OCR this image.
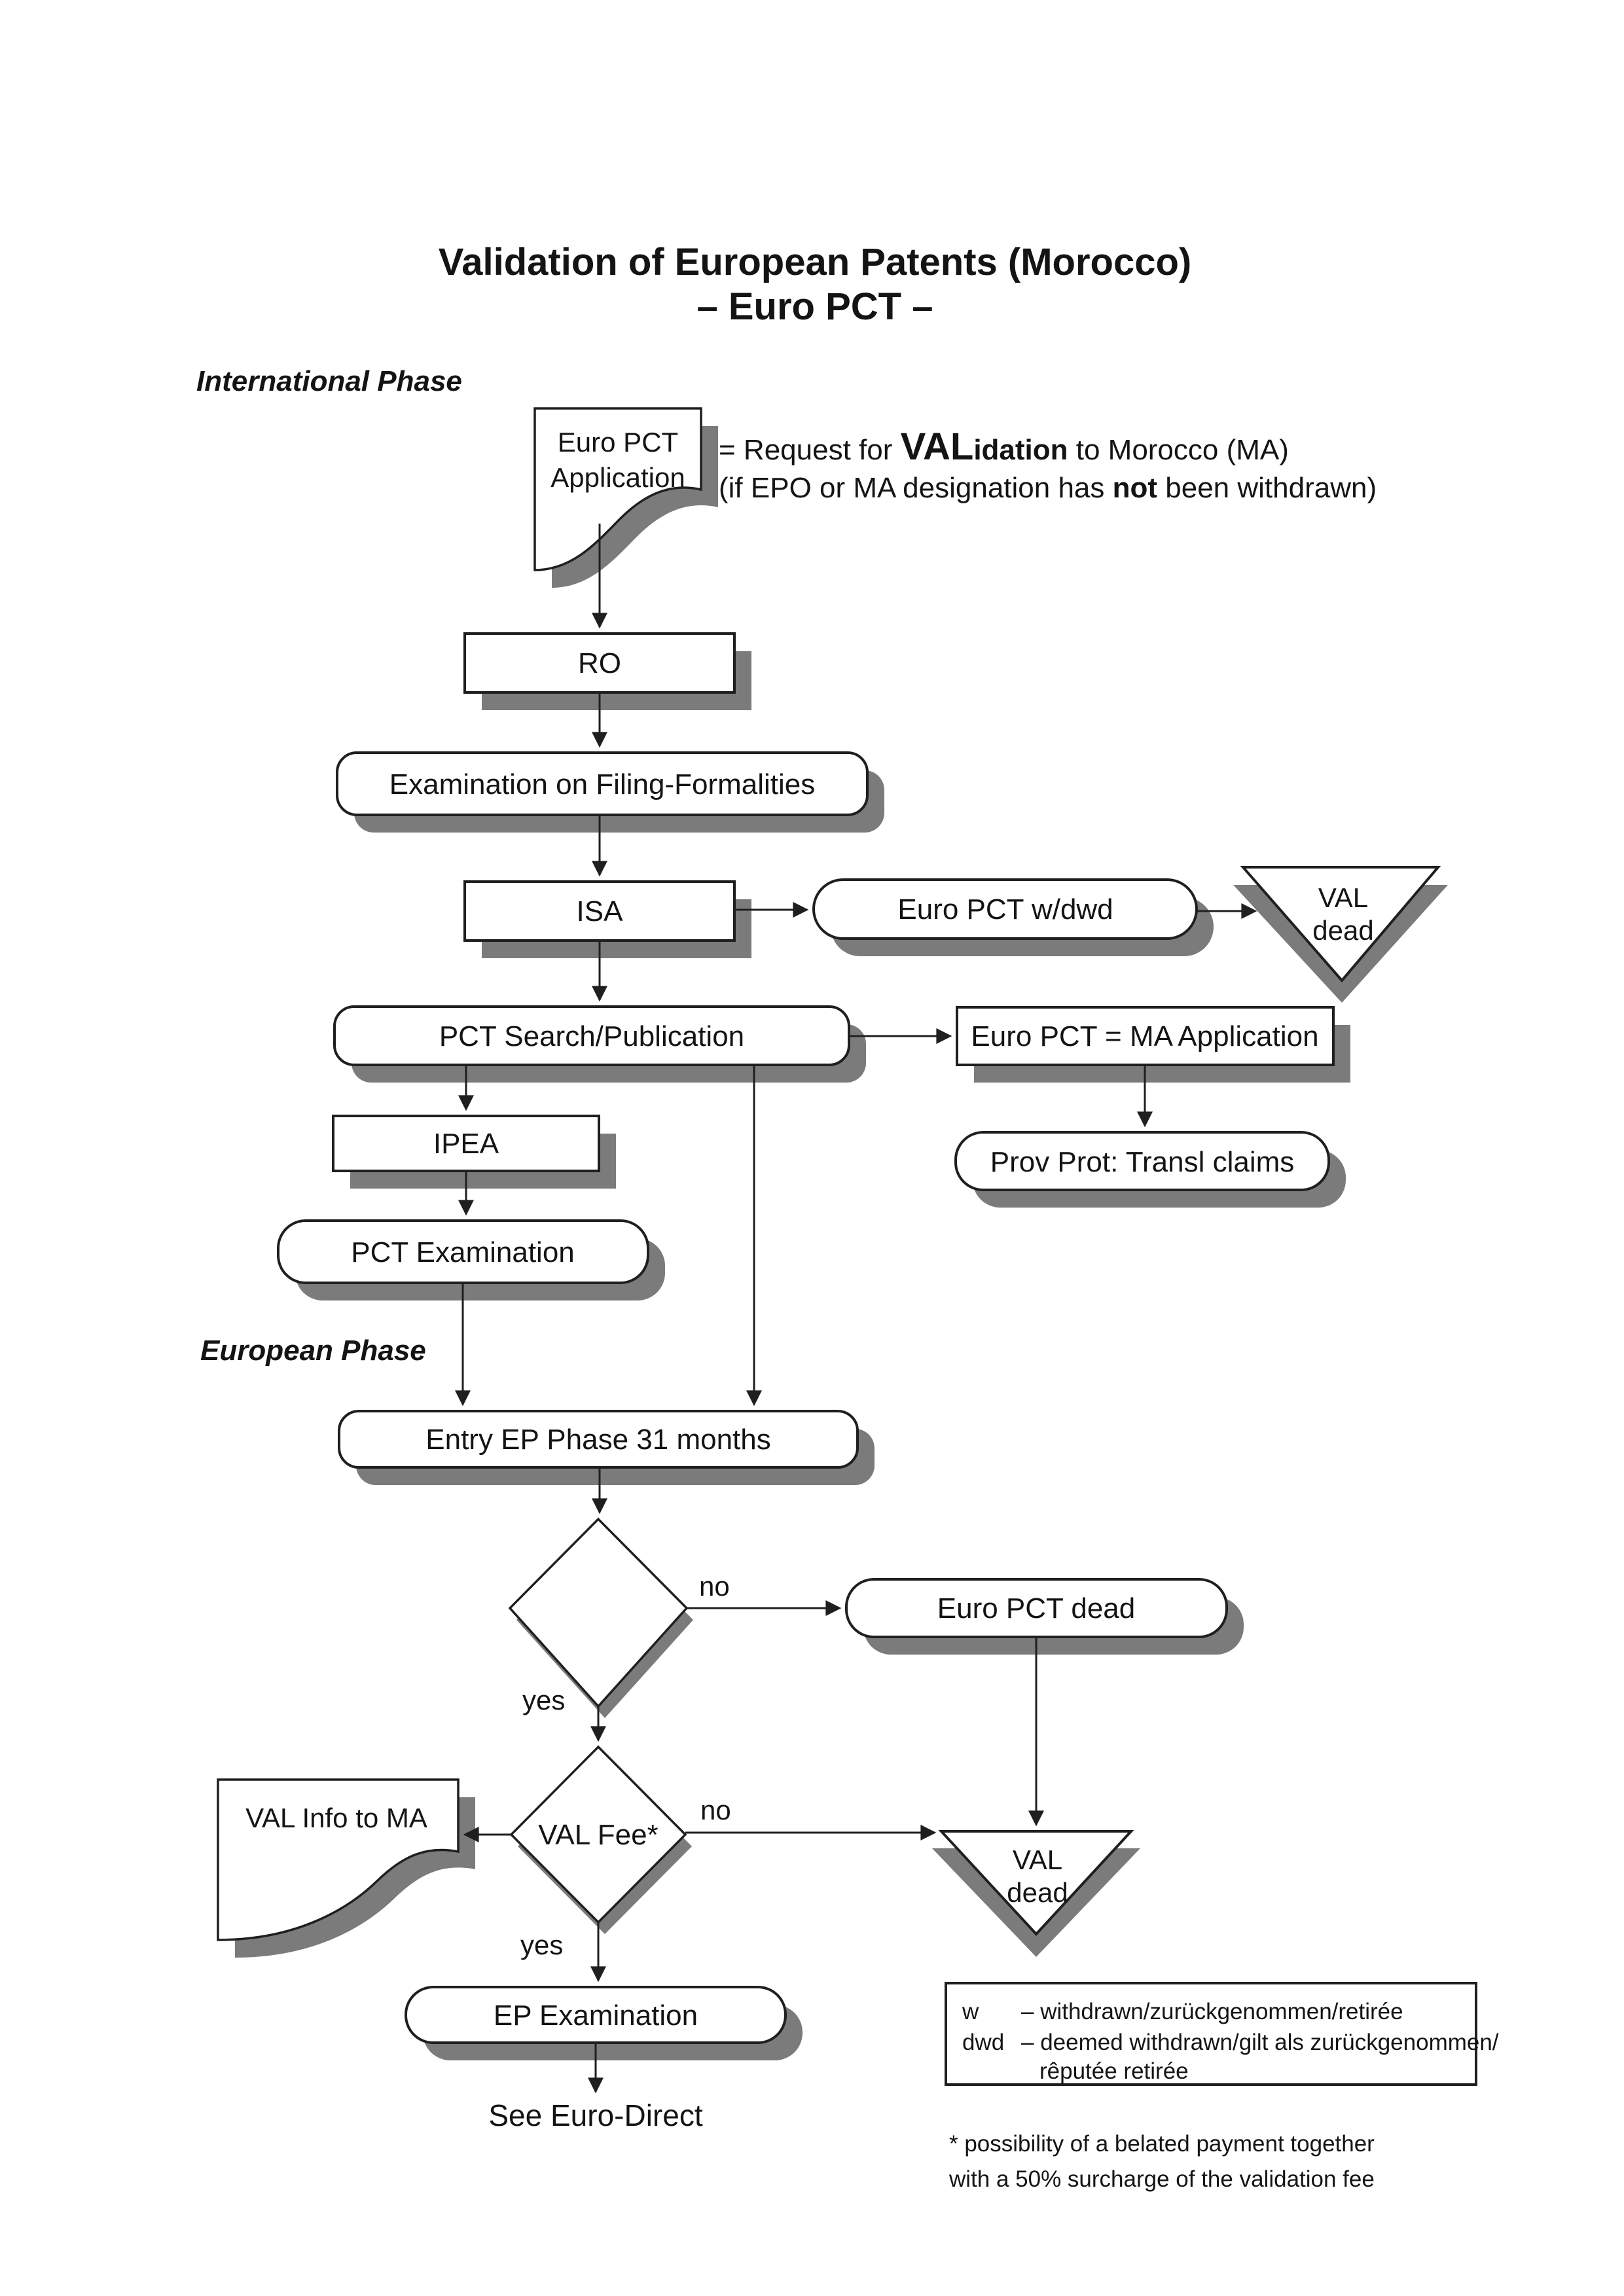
Validation of European Patents (Morocco)
– Euro PCT –
International Phase
European Phase
Euro PCT
Application
= Request for VALidation to Morocco (MA)
(if EPO or MA designation has not been withdrawn)
RO
Examination on Filing-Formalities
ISA	Euro PCT w/dwd	VAL
dead
PCT Search/Publication	Euro PCT = MA Application
IPEA
Prov Prot: Transl claims
PCT Examination
Entry EP Phase 31 months
Euro PCT dead
VAL Fee*
VAL Info to MA
VAL
dead
EP Examination
See Euro-Direct
no
yes
no
yes
w – withdrawn/zurückgenommen/retirée
dwd – deemed withdrawn/gilt als zurückgenommen/
rêputée retirée
* possibility of a belated payment together
with a 50% surcharge of the validation fee
